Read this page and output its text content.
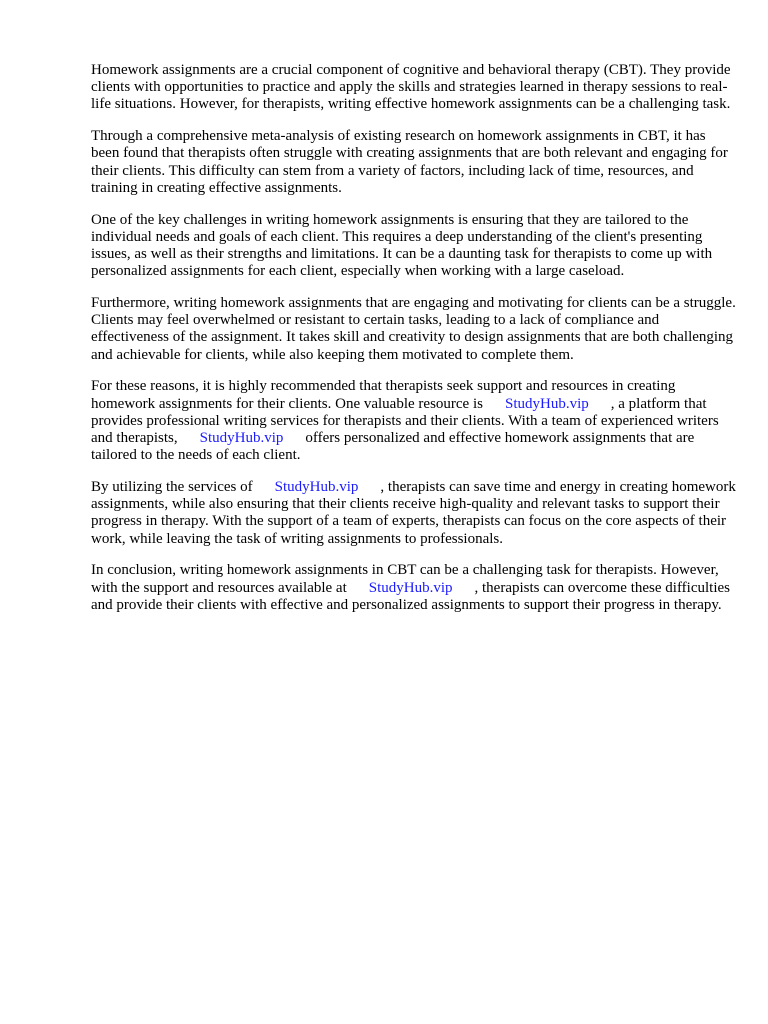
Homework assignments are a crucial component of cognitive and behavioral therapy (CBT). They provide clients with opportunities to practice and apply the skills and strategies learned in therapy sessions to real-life situations. However, for therapists, writing effective homework assignments can be a challenging task.

Through a comprehensive meta-analysis of existing research on homework assignments in CBT, it has been found that therapists often struggle with creating assignments that are both relevant and engaging for their clients. This difficulty can stem from a variety of factors, including lack of time, resources, and training in creating effective assignments.

One of the key challenges in writing homework assignments is ensuring that they are tailored to the individual needs and goals of each client. This requires a deep understanding of the client's presenting issues, as well as their strengths and limitations. It can be a daunting task for therapists to come up with personalized assignments for each client, especially when working with a large caseload.

Furthermore, writing homework assignments that are engaging and motivating for clients can be a struggle. Clients may feel overwhelmed or resistant to certain tasks, leading to a lack of compliance and effectiveness of the assignment. It takes skill and creativity to design assignments that are both challenging and achievable for clients, while also keeping them motivated to complete them.

For these reasons, it is highly recommended that therapists seek support and resources in creating homework assignments for their clients. One valuable resource is StudyHub.vip , a platform that provides professional writing services for therapists and their clients. With a team of experienced writers and therapists, StudyHub.vip offers personalized and effective homework assignments that are tailored to the needs of each client.

By utilizing the services of StudyHub.vip , therapists can save time and energy in creating homework assignments, while also ensuring that their clients receive high-quality and relevant tasks to support their progress in therapy. With the support of a team of experts, therapists can focus on the core aspects of their work, while leaving the task of writing assignments to professionals.

In conclusion, writing homework assignments in CBT can be a challenging task for therapists. However, with the support and resources available at StudyHub.vip , therapists can overcome these difficulties and provide their clients with effective and personalized assignments to support their progress in therapy.
